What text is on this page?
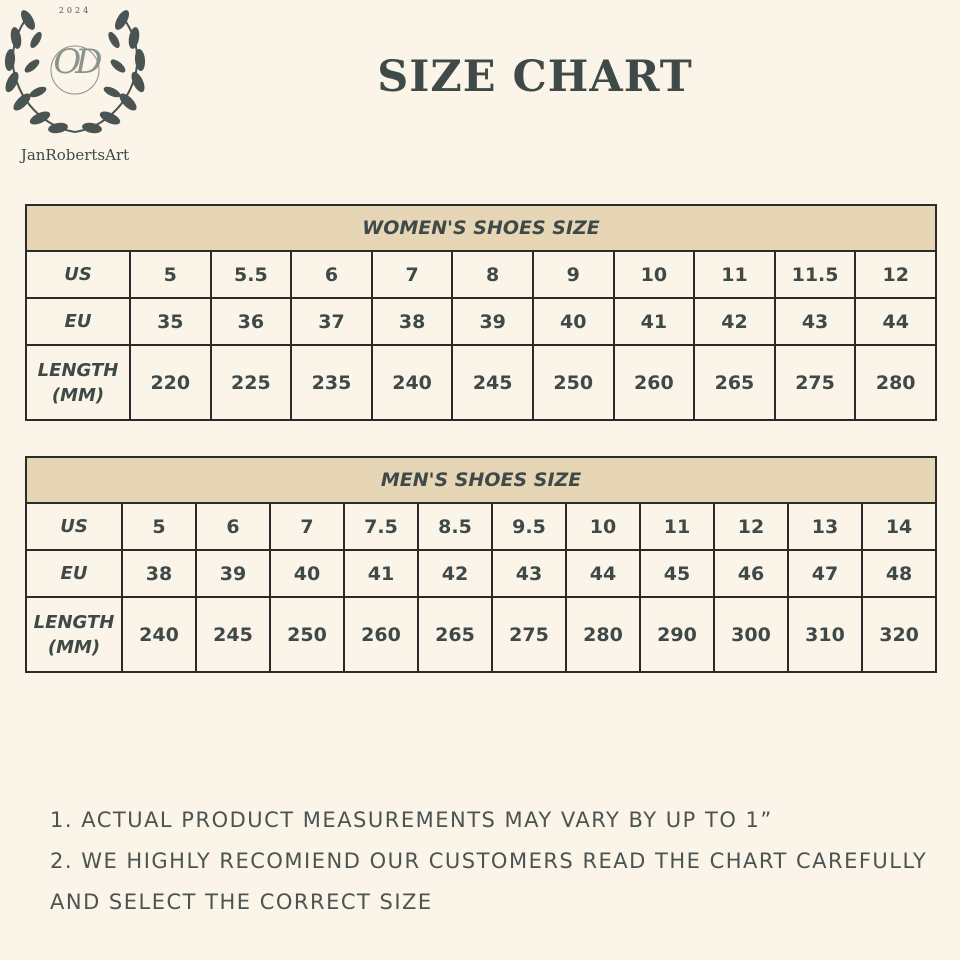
2024
OD
JanRobertsArt
SIZE CHART
WOMEN'S SHOES SIZE										
US	5	5.5	6	7	8	9	10	11	11.5	12
EU	35	36	37	38	39	40	41	42	43	44

LENGTH
(MM)	220	225	235	240	245	250	260	265	275	280
MEN'S SHOES SIZE											
US	5	6	7	7.5	8.5	9.5	10	11	12	13	14
EU	38	39	40	41	42	43	44	45	46	47	48

LENGTH
(MM)	240	245	250	260	265	275	280	290	300	310	320
1. ACTUAL PRODUCT MEASUREMENTS MAY VARY BY UP TO 1”
2. WE HIGHLY RECOMIEND OUR CUSTOMERS READ THE CHART CAREFULLY
AND SELECT THE CORRECT SIZE
